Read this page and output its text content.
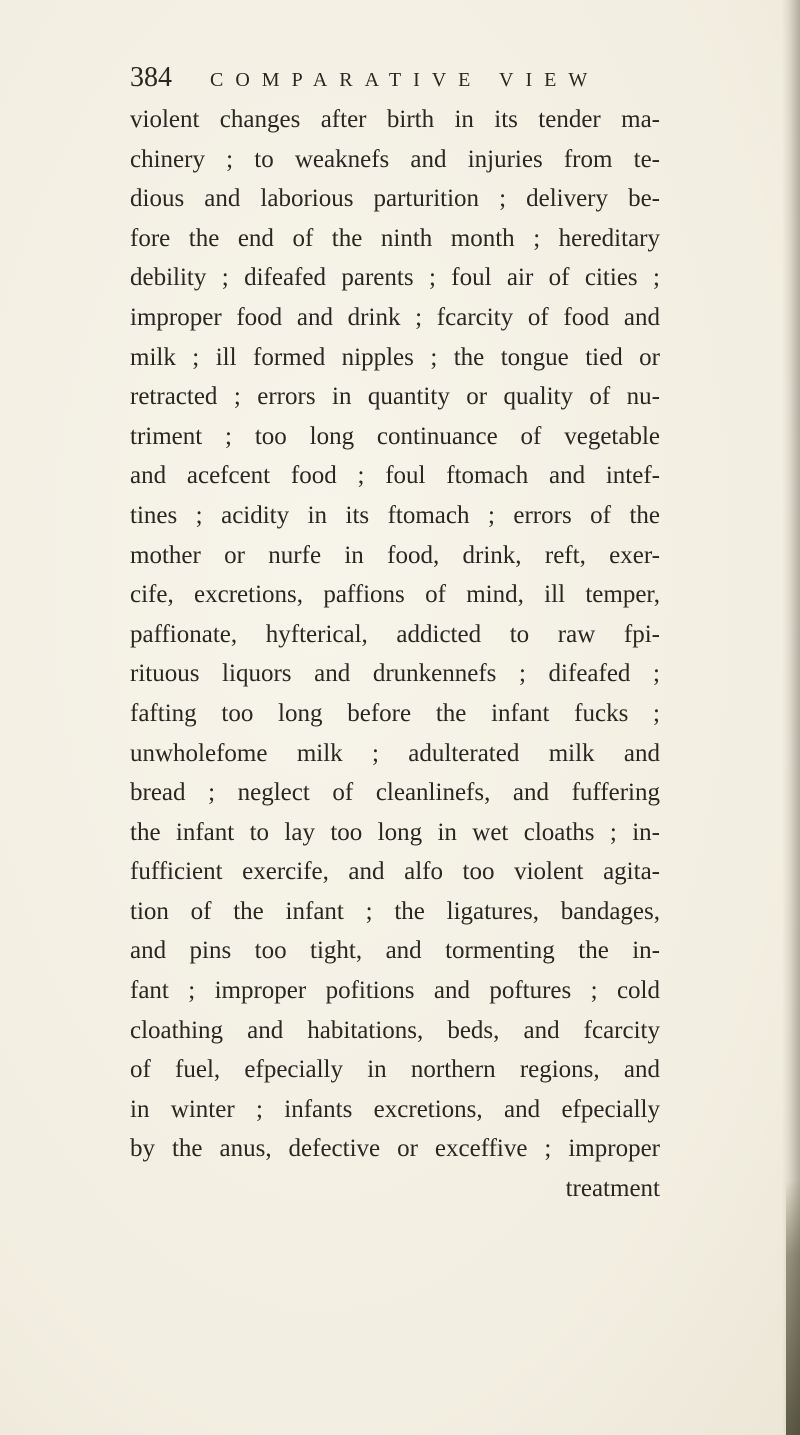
384 COMPARATIVE VIEW
violent changes after birth in its tender ma-
chinery ; to weaknefs and injuries from te-
dious and laborious parturition ; delivery be-
fore the end of the ninth month ; hereditary
debility ; difeafed parents ; foul air of cities ;
improper food and drink ; fcarcity of food and
milk ; ill formed nipples ; the tongue tied or
retracted ; errors in quantity or quality of nu-
triment ; too long continuance of vegetable
and acefcent food ; foul ftomach and intef-
tines ; acidity in its ftomach ; errors of the
mother or nurfe in food, drink, reft, exer-
cife, excretions, paffions of mind, ill temper,
paffionate, hyfterical, addicted to raw fpi-
rituous liquors and drunkennefs ; difeafed ;
fafting too long before the infant fucks ;
unwholefome milk ; adulterated milk and
bread ; neglect of cleanlinefs, and fuffering
the infant to lay too long in wet cloaths ; in-
fufficient exercife, and alfo too violent agita-
tion of the infant ; the ligatures, bandages,
and pins too tight, and tormenting the in-
fant ; improper pofitions and poftures ; cold
cloathing and habitations, beds, and fcarcity
of fuel, efpecially in northern regions, and
in winter ; infants excretions, and efpecially
by the anus, defective or exceffive ; improper
treatment
